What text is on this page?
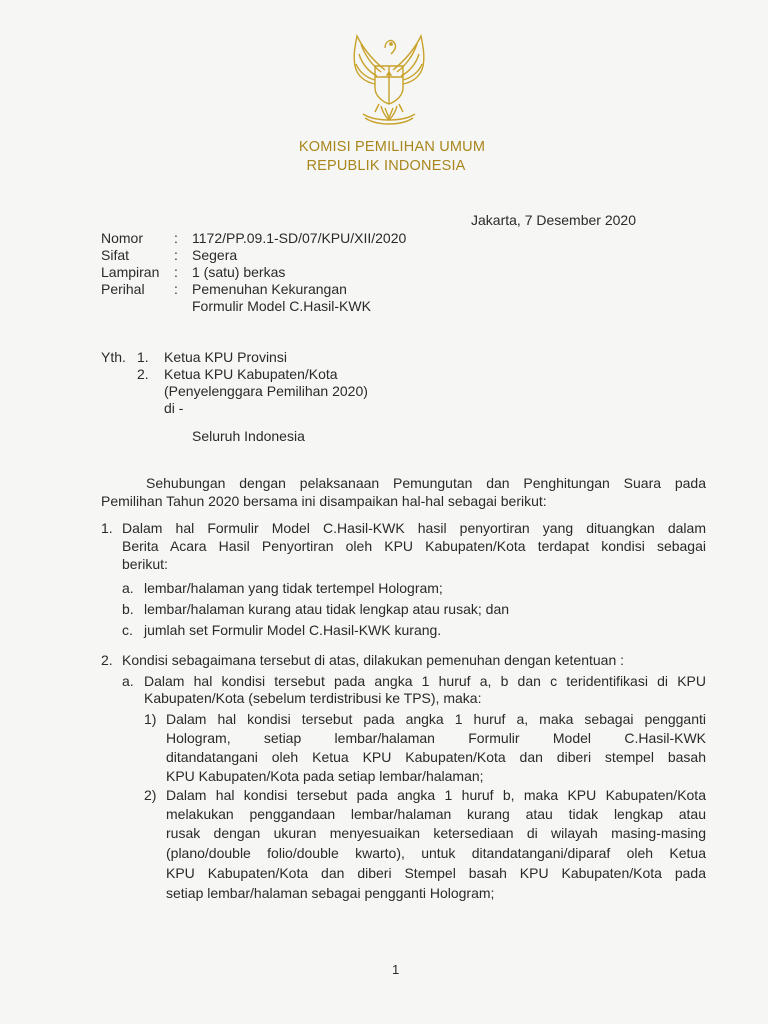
KOMISI PEMILIHAN UMUM
REPUBLIK INDONESIA
Jakarta, 7 Desember 2020
Nomor : 1172/PP.09.1-SD/07/KPU/XII/2020
Sifat	: Segera
Lampiran : 1 (satu) berkas
Perihal : Pemenuhan Kekurangan
Formulir Model C.Hasil-KWK
Yth. 1. Ketua KPU Provinsi
2. Ketua KPU Kabupaten/Kota
(Penyelenggara Pemilihan 2020)
di -
Seluruh Indonesia
Sehubungan dengan pelaksanaan Pemungutan dan Penghitungan Suara pada
Pemilihan Tahun 2020 bersama ini disampaikan hal-hal sebagai berikut:
1. Dalam hal Formulir Model C.Hasil-KWK hasil penyortiran yang dituangkan dalam
Berita Acara Hasil Penyortiran oleh KPU Kabupaten/Kota terdapat kondisi sebagai
berikut:
a. lembar/halaman yang tidak tertempel Hologram;
b. lembar/halaman kurang atau tidak lengkap atau rusak; dan
c. jumlah set Formulir Model C.Hasil-KWK kurang.
2. Kondisi sebagaimana tersebut di atas, dilakukan pemenuhan dengan ketentuan :
a. Dalam hal kondisi tersebut pada angka 1 huruf a, b dan c teridentifikasi di KPU
Kabupaten/Kota (sebelum terdistribusi ke TPS), maka:
1) Dalam hal kondisi tersebut pada angka 1 huruf a, maka sebagai pengganti
Hologram, setiap lembar/halaman Formulir Model C.Hasil-KWK
ditandatangani oleh Ketua KPU Kabupaten/Kota dan diberi stempel basah
KPU Kabupaten/Kota pada setiap lembar/halaman;
2) Dalam hal kondisi tersebut pada angka 1 huruf b, maka KPU Kabupaten/Kota
melakukan penggandaan lembar/halaman kurang atau tidak lengkap atau
rusak dengan ukuran menyesuaikan ketersediaan di wilayah masing-masing
(plano/double folio/double kwarto), untuk ditandatangani/diparaf oleh Ketua
KPU Kabupaten/Kota dan diberi Stempel basah KPU Kabupaten/Kota pada
setiap lembar/halaman sebagai pengganti Hologram;
1
